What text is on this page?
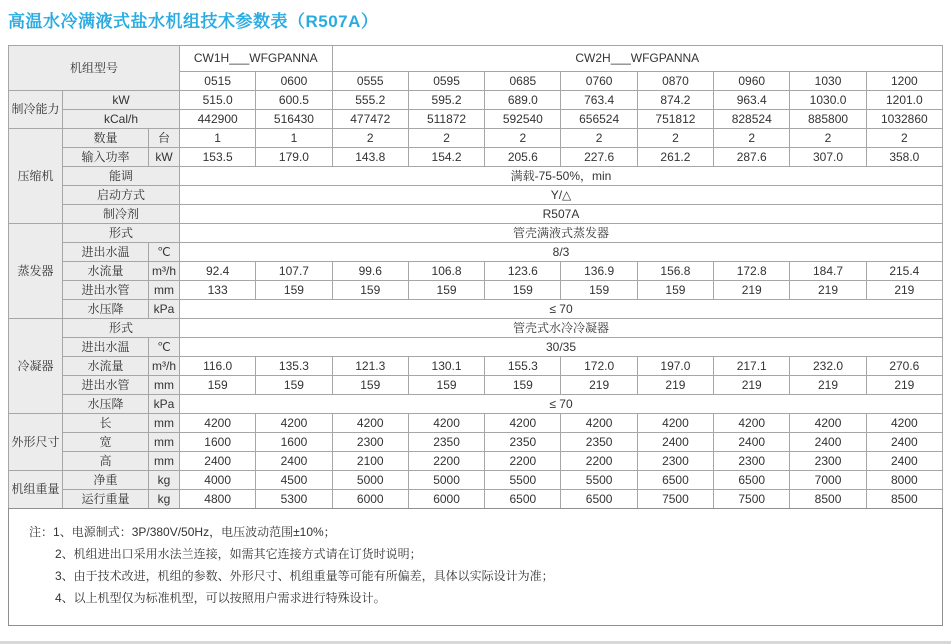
高温水冷满液式盐水机组技术参数表（R507A）
机组型号			CW1H___WFGPANNA		CW2H___WFGPANNA							
			0515	0600	0555	0595	0685	0760	0870	0960	1030	1200
制冷能力	kW		515.0	600.5	555.2	595.2	689.0	763.4	874.2	963.4	1030.0	1201.0
	kCal/h		442900	516430	477472	511872	592540	656524	751812	828524	885800	1032860
压缩机	数量	台	1	1	2	2	2	2	2	2	2	2
	输入功率	kW	153.5	179.0	143.8	154.2	205.6	227.6	261.2	287.6	307.0	358.0
	能调		满载-75-50%，min									
	启动方式		Y/△									
	制冷剂		R507A									
蒸发器	形式		管壳满液式蒸发器									
	进出水温	℃	8/3									
	水流量	m³/h	92.4	107.7	99.6	106.8	123.6	136.9	156.8	172.8	184.7	215.4
	进出水管	mm	133	159	159	159	159	159	159	219	219	219
	水压降	kPa	≤ 70									
冷凝器	形式		管壳式水冷冷凝器									
	进出水温	℃	30/35									
	水流量	m³/h	116.0	135.3	121.3	130.1	155.3	172.0	197.0	217.1	232.0	270.6
	进出水管	mm	159	159	159	159	159	219	219	219	219	219
	水压降	kPa	≤ 70									
外形尺寸	长	mm	4200	4200	4200	4200	4200	4200	4200	4200	4200	4200
	宽	mm	1600	1600	2300	2350	2350	2350	2400	2400	2400	2400
	高	mm	2400	2400	2100	2200	2200	2200	2300	2300	2300	2400
机组重量	净重	kg	4000	4500	5000	5000	5500	5500	6500	6500	7000	8000
	运行重量	kg	4800	5300	6000	6000	6500	6500	7500	7500	8500	8500
注：1、电源制式：3P/380V/50Hz，电压波动范围±10%；
2、机组进出口采用水法兰连接，如需其它连接方式请在订货时说明；
3、由于技术改进，机组的参数、外形尺寸、机组重量等可能有所偏差，具体以实际设计为准；
4、以上机型仅为标准机型，可以按照用户需求进行特殊设计。
